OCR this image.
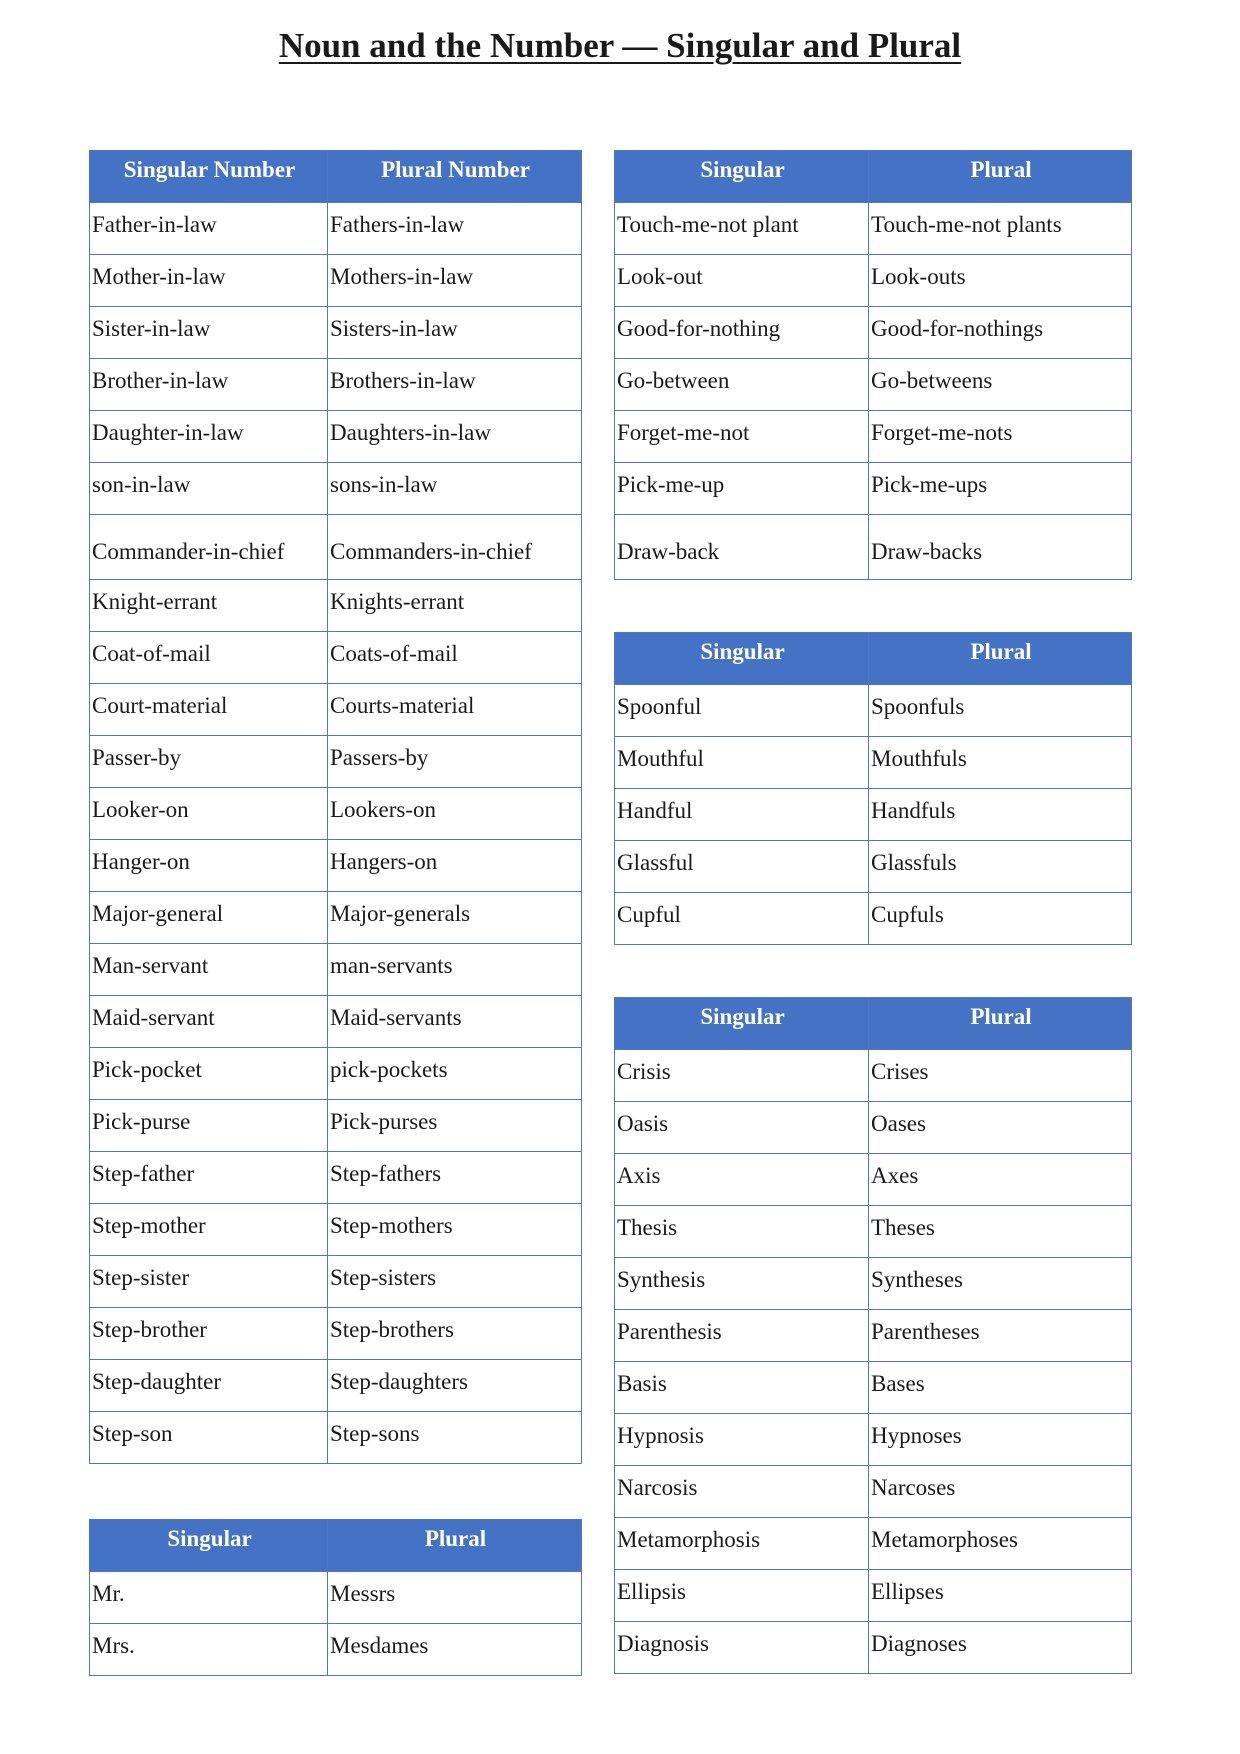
Noun and the Number — Singular and Plural
Singular Number	Plural Number
Father-in-law	Fathers-in-law
Mother-in-law	Mothers-in-law
Sister-in-law	Sisters-in-law
Brother-in-law	Brothers-in-law
Daughter-in-law	Daughters-in-law
son-in-law	sons-in-law
Commander-in-chief	Commanders-in-chief
Knight-errant	Knights-errant
Coat-of-mail	Coats-of-mail
Court-material	Courts-material
Passer-by	Passers-by
Looker-on	Lookers-on
Hanger-on	Hangers-on
Major-general	Major-generals
Man-servant	man-servants
Maid-servant	Maid-servants
Pick-pocket	pick-pockets
Pick-purse	Pick-purses
Step-father	Step-fathers
Step-mother	Step-mothers
Step-sister	Step-sisters
Step-brother	Step-brothers
Step-daughter	Step-daughters
Step-son	Step-sons
Singular	Plural
Mr.	Messrs
Mrs.	Mesdames
Singular	Plural
Touch-me-not plant	Touch-me-not plants
Look-out	Look-outs
Good-for-nothing	Good-for-nothings
Go-between	Go-betweens
Forget-me-not	Forget-me-nots
Pick-me-up	Pick-me-ups
Draw-back	Draw-backs
Singular	Plural
Spoonful	Spoonfuls
Mouthful	Mouthfuls
Handful	Handfuls
Glassful	Glassfuls
Cupful	Cupfuls
Singular	Plural
Crisis	Crises
Oasis	Oases
Axis	Axes
Thesis	Theses
Synthesis	Syntheses
Parenthesis	Parentheses
Basis	Bases
Hypnosis	Hypnoses
Narcosis	Narcoses
Metamorphosis	Metamorphoses
Ellipsis	Ellipses
Diagnosis	Diagnoses
